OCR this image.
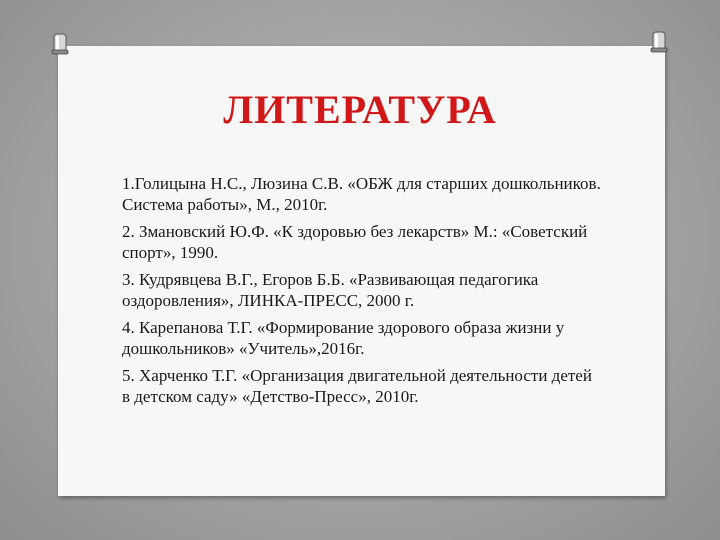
ЛИТЕРАТУРА
1.Голицына Н.С., Люзина С.В. «ОБЖ для старших дошкольников. Система работы», М., 2010г.
2. Змановский Ю.Ф. «К здоровью без лекарств» М.: «Советский спорт», 1990.
3. Кудрявцева В.Г., Егоров Б.Б. «Развивающая педагогика оздоровления», ЛИНКА-ПРЕСС, 2000 г.
4. Карепанова Т.Г. «Формирование здорового образа жизни у дошкольников» «Учитель»,2016г.
5. Харченко Т.Г. «Организация двигательной деятельности детей в детском саду» «Детство-Пресс», 2010г.
